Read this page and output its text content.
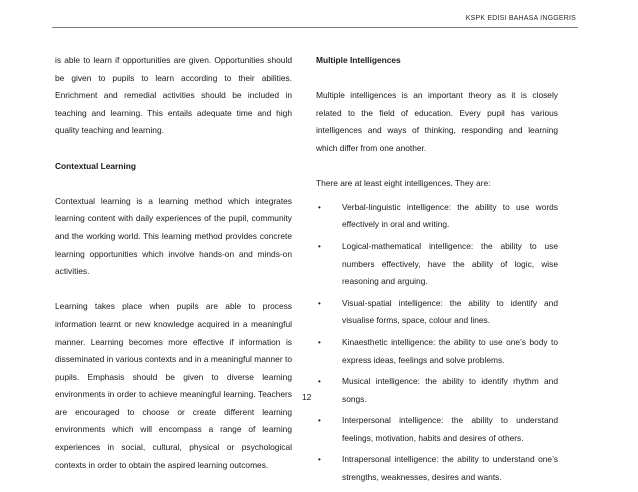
KSPK EDISI BAHASA INGGERIS

is able to learn if opportunities are given. Opportunities should be given to pupils to learn according to their abilities. Enrichment and remedial activities should be included in teaching and learning. This entails adequate time and high quality teaching and learning.

Contextual Learning

Contextual learning is a learning method which integrates learning content with daily experiences of the pupil, community and the working world. This learning method provides concrete learning opportunities which involve hands-on and minds-on activities.

Learning takes place when pupils are able to process information learnt or new knowledge acquired in a meaningful manner. Learning becomes more effective if information is disseminated in various contexts and in a meaningful manner to pupils. Emphasis should be given to diverse learning environments in order to achieve meaningful learning. Teachers are encouraged to choose or create different learning environments which will encompass a range of learning experiences in social, cultural, physical or psychological contexts in order to obtain the aspired learning outcomes.

Multiple Intelligences

Multiple intelligences is an important theory as it is closely related to the field of education. Every pupil has various intelligences and ways of thinking, responding and learning which differ from one another.

There are at least eight intelligences. They are:

•	Verbal-linguistic intelligence: the ability to use words effectively in oral and writing.
•	Logical-mathematical intelligence: the ability to use numbers effectively, have the ability of logic, wise reasoning and arguing.
•	Visual-spatial intelligence: the ability to identify and visualise forms, space, colour and lines.
•	Kinaesthetic intelligence: the ability to use one’s body to express ideas, feelings and solve problems.
•	Musical intelligence: the ability to identify rhythm and songs.
•	Interpersonal intelligence: the ability to understand feelings, motivation, habits and desires of others.
•	Intrapersonal intelligence: the ability to understand one’s strengths, weaknesses, desires and wants.
12
